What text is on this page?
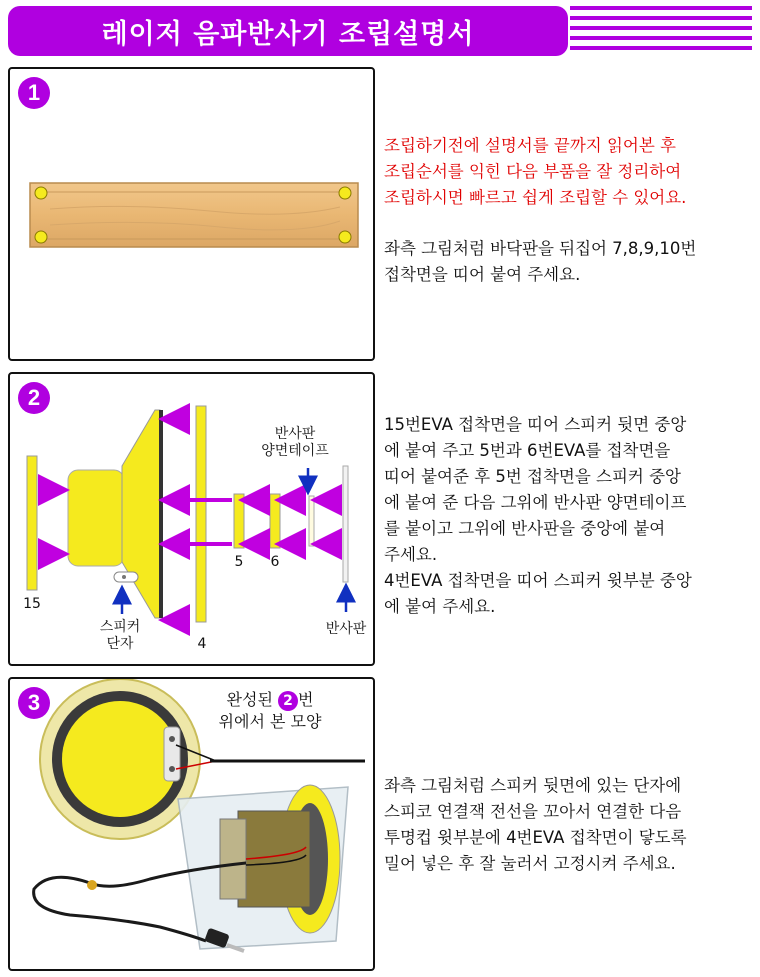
레이저 음파반사기 조립설명서
1
조립하기전에 설명서를 끝까지 읽어본 후
조립순서를 익힌 다음 부품을 잘 정리하여
조립하시면 빠르고 쉽게 조립할 수 있어요.
좌측 그림처럼 바닥판을 뒤집어 7,8,9,10번
접착면을 띠어 붙여 주세요.
2
반사판
양면테이프
스피커
단자
반사판
15
4
5	6
15번EVA 접착면을 띠어 스피커 뒷면 중앙
에 붙여 주고 5번과 6번EVA를 접착면을
띠어 붙여준 후 5번 접착면을 스피커 중앙
에 붙여 준 다음 그위에 반사판 양면테이프
를 붙이고 그위에 반사판을 중앙에 붙여
주세요.
4번EVA 접착면을 띠어 스피커 윗부분 중앙
에 붙여 주세요.
3	완성된 2 번
위에서 본 모양
좌측 그림처럼 스피커 뒷면에 있는 단자에
스피코 연결잭 전선을 꼬아서 연결한 다음
투명컵 윗부분에 4번EVA 접착면이 닿도록
밀어 넣은 후 잘 눌러서 고정시켜 주세요.
